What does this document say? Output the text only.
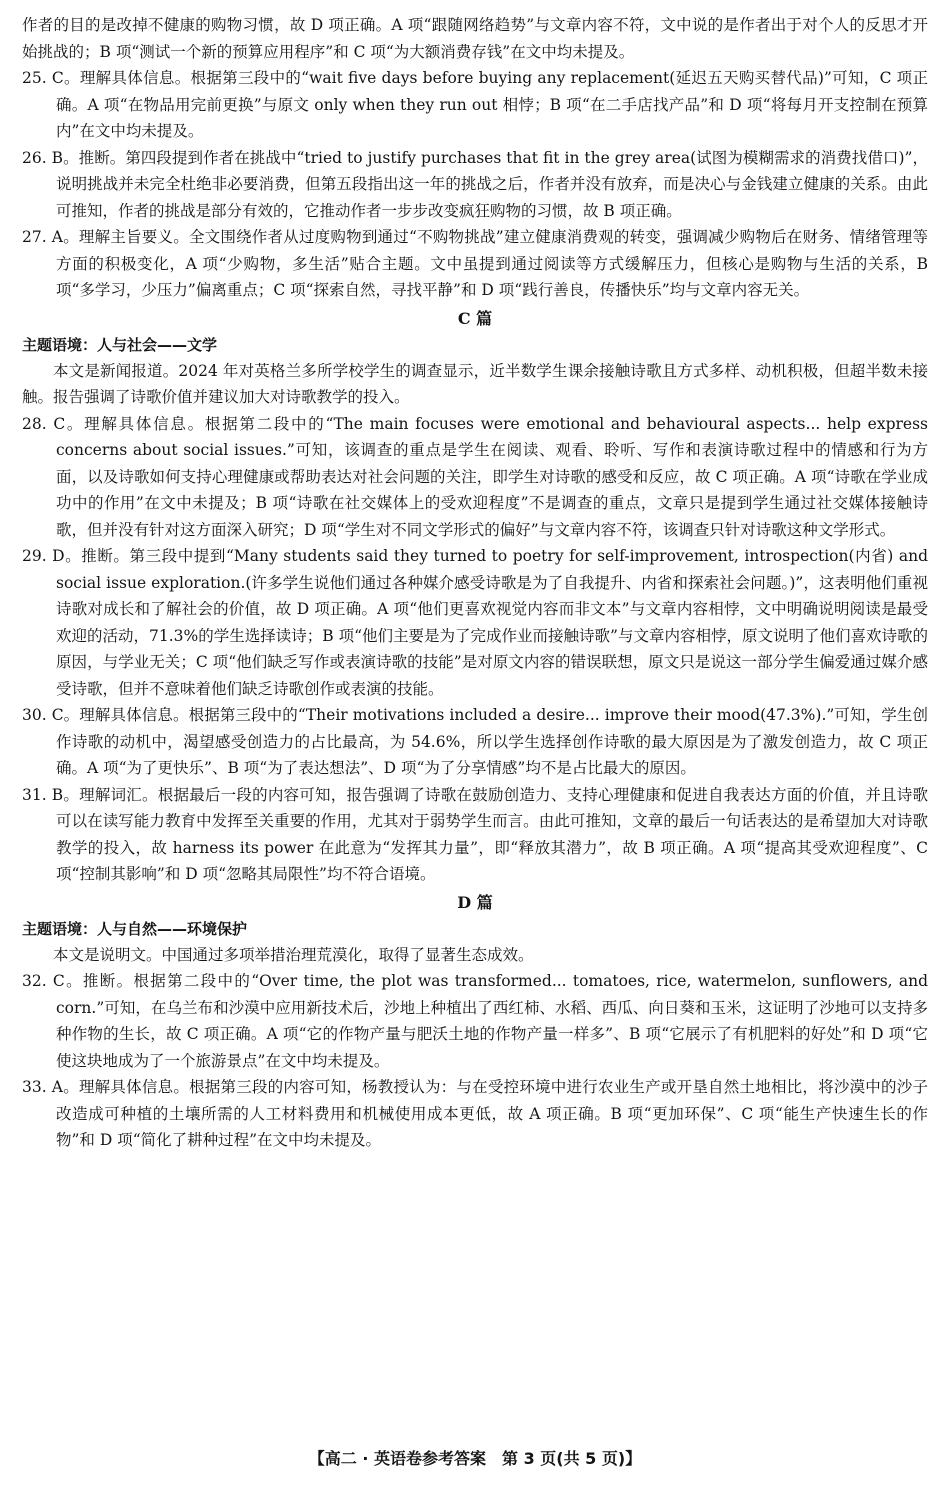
作者的目的是改掉不健康的购物习惯，故 D 项正确。A 项“跟随网络趋势”与文章内容不符，文中说的是作者出于对个人的反思才开始挑战的；B 项“测试一个新的预算应用程序”和 C 项“为大额消费存钱”在文中均未提及。

25. C。理解具体信息。根据第三段中的“wait five days before buying any replacement(延迟五天购买替代品)”可知，C 项正确。A 项“在物品用完前更换”与原文 only when they run out 相悖；B 项“在二手店找产品”和 D 项“将每月开支控制在预算内”在文中均未提及。

26. B。推断。第四段提到作者在挑战中“tried to justify purchases that fit in the grey area(试图为模糊需求的消费找借口)”，说明挑战并未完全杜绝非必要消费，但第五段指出这一年的挑战之后，作者并没有放弃，而是决心与金钱建立健康的关系。由此可推知，作者的挑战是部分有效的，它推动作者一步步改变疯狂购物的习惯，故 B 项正确。

27. A。理解主旨要义。全文围绕作者从过度购物到通过“不购物挑战”建立健康消费观的转变，强调减少购物后在财务、情绪管理等方面的积极变化，A 项“少购物，多生活”贴合主题。文中虽提到通过阅读等方式缓解压力，但核心是购物与生活的关系，B 项“多学习，少压力”偏离重点；C 项“探索自然，寻找平静”和 D 项“践行善良，传播快乐”均与文章内容无关。

C 篇
主题语境：人与社会——文学

本文是新闻报道。2024 年对英格兰多所学校学生的调查显示，近半数学生课余接触诗歌且方式多样、动机积极，但超半数未接触。报告强调了诗歌价值并建议加大对诗歌教学的投入。

28. C。理解具体信息。根据第二段中的“The main focuses were emotional and behavioural aspects... help express concerns about social issues.”可知，该调查的重点是学生在阅读、观看、聆听、写作和表演诗歌过程中的情感和行为方面，以及诗歌如何支持心理健康或帮助表达对社会问题的关注，即学生对诗歌的感受和反应，故 C 项正确。A 项“诗歌在学业成功中的作用”在文中未提及；B 项“诗歌在社交媒体上的受欢迎程度”不是调查的重点，文章只是提到学生通过社交媒体接触诗歌，但并没有针对这方面深入研究；D 项“学生对不同文学形式的偏好”与文章内容不符，该调查只针对诗歌这种文学形式。

29. D。推断。第三段中提到“Many students said they turned to poetry for self-improvement, introspection(内省) and social issue exploration.(许多学生说他们通过各种媒介感受诗歌是为了自我提升、内省和探索社会问题。)”，这表明他们重视诗歌对成长和了解社会的价值，故 D 项正确。A 项“他们更喜欢视觉内容而非文本”与文章内容相悖，文中明确说明阅读是最受欢迎的活动，71.3%的学生选择读诗；B 项“他们主要是为了完成作业而接触诗歌”与文章内容相悖，原文说明了他们喜欢诗歌的原因，与学业无关；C 项“他们缺乏写作或表演诗歌的技能”是对原文内容的错误联想，原文只是说这一部分学生偏爱通过媒介感受诗歌，但并不意味着他们缺乏诗歌创作或表演的技能。

30. C。理解具体信息。根据第三段中的“Their motivations included a desire... improve their mood(47.3%).”可知，学生创作诗歌的动机中，渴望感受创造力的占比最高，为 54.6%，所以学生选择创作诗歌的最大原因是为了激发创造力，故 C 项正确。A 项“为了更快乐”、B 项“为了表达想法”、D 项“为了分享情感”均不是占比最大的原因。

31. B。理解词汇。根据最后一段的内容可知，报告强调了诗歌在鼓励创造力、支持心理健康和促进自我表达方面的价值，并且诗歌可以在读写能力教育中发挥至关重要的作用，尤其对于弱势学生而言。由此可推知，文章的最后一句话表达的是希望加大对诗歌教学的投入，故 harness its power 在此意为“发挥其力量”，即“释放其潜力”，故 B 项正确。A 项“提高其受欢迎程度”、C 项“控制其影响”和 D 项“忽略其局限性”均不符合语境。

D 篇
主题语境：人与自然——环境保护

本文是说明文。中国通过多项举措治理荒漠化，取得了显著生态成效。

32. C。推断。根据第二段中的“Over time, the plot was transformed... tomatoes, rice, watermelon, sunflowers, and corn.”可知，在乌兰布和沙漠中应用新技术后，沙地上种植出了西红柿、水稻、西瓜、向日葵和玉米，这证明了沙地可以支持多种作物的生长，故 C 项正确。A 项“它的作物产量与肥沃土地的作物产量一样多”、B 项“它展示了有机肥料的好处”和 D 项“它使这块地成为了一个旅游景点”在文中均未提及。

33. A。理解具体信息。根据第三段的内容可知，杨教授认为：与在受控环境中进行农业生产或开垦自然土地相比，将沙漠中的沙子改造成可种植的土壤所需的人工材料费用和机械使用成本更低，故 A 项正确。B 项“更加环保”、C 项“能生产快速生长的作物”和 D 项“简化了耕种过程”在文中均未提及。

【高二 · 英语卷参考答案　第 3 页(共 5 页)】
